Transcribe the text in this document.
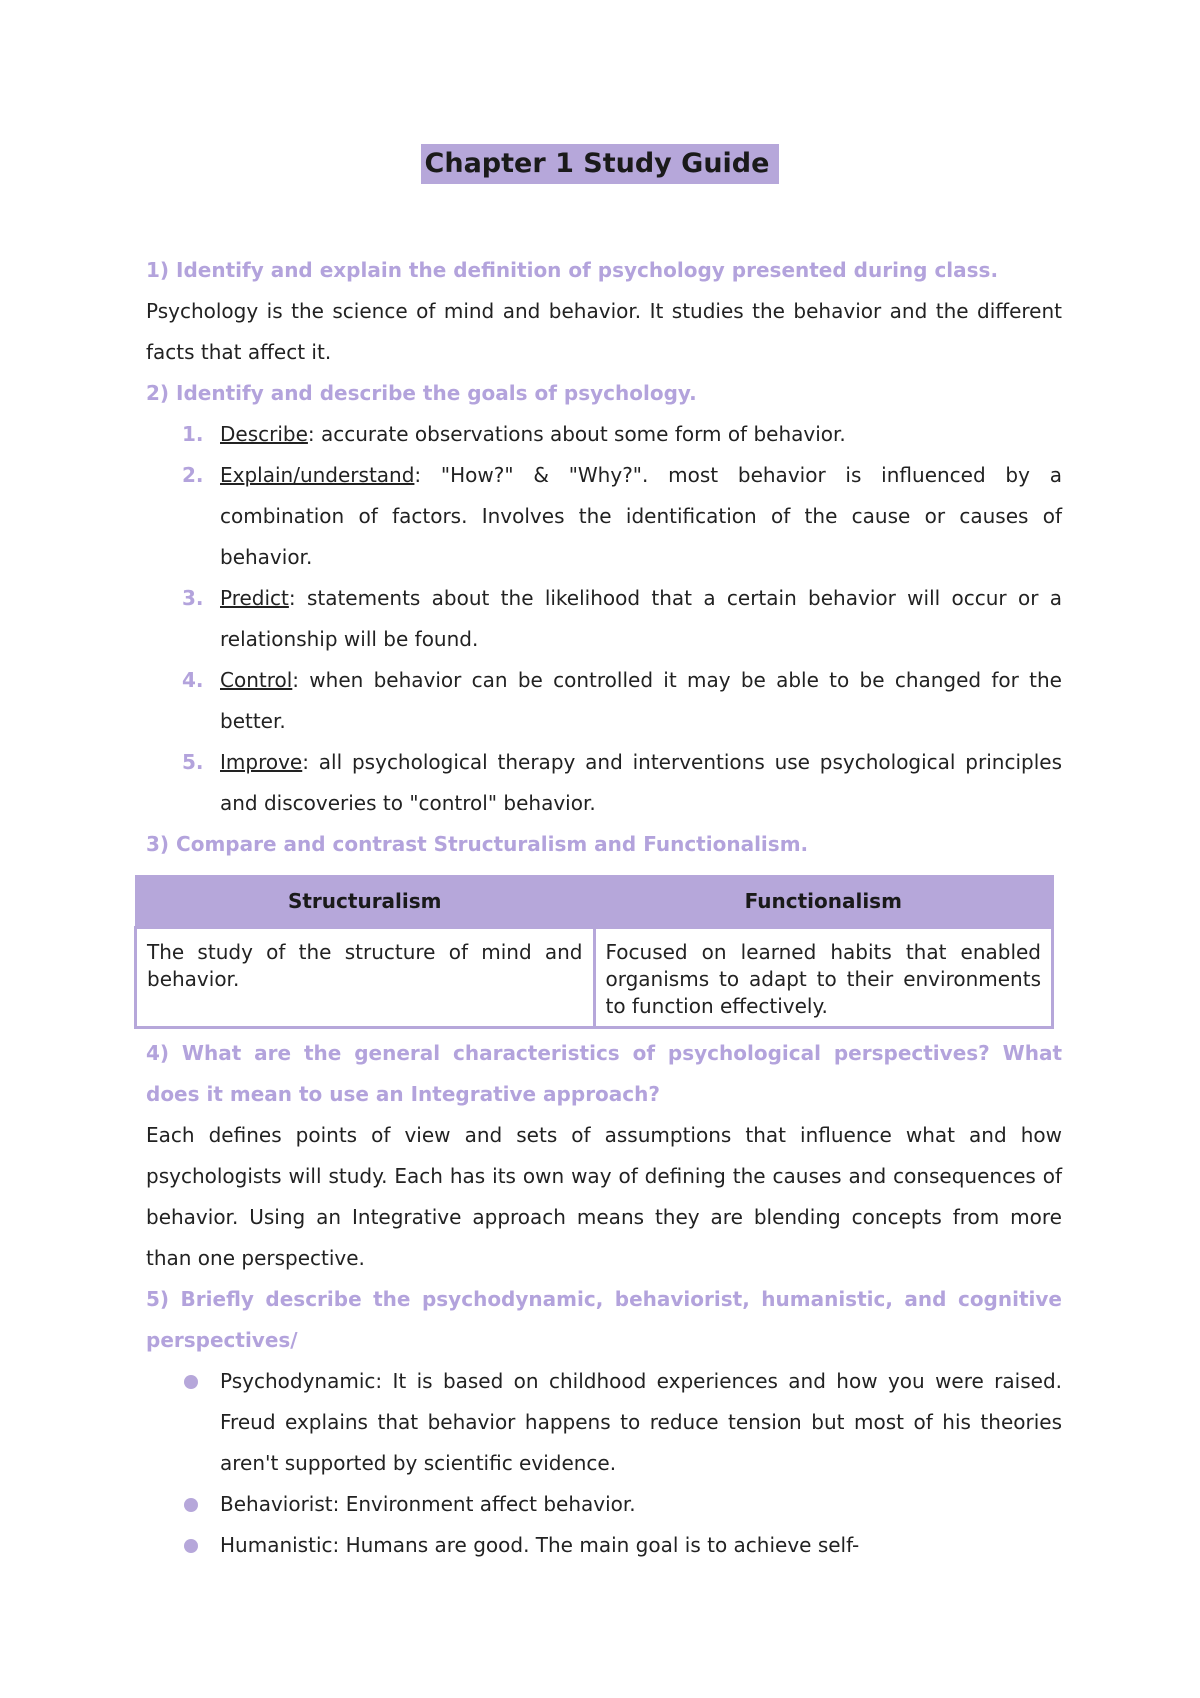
Chapter 1 Study Guide

1) Identify and explain the definition of psychology presented during class.

Psychology is the science of mind and behavior. It studies the behavior and the different facts that affect it.

2) Identify and describe the goals of psychology.

1. Describe: accurate observations about some form of behavior.
2. Explain/understand: "How?" & "Why?". most behavior is influenced by a combination of factors. Involves the identification of the cause or causes of behavior.
3. Predict: statements about the likelihood that a certain behavior will occur or a relationship will be found.
4. Control: when behavior can be controlled it may be able to be changed for the better.
5. Improve: all psychological therapy and interventions use psychological principles and discoveries to "control" behavior.

3) Compare and contrast Structuralism and Functionalism.

Structuralism	Functionalism
The study of the structure of mind and behavior.	Focused on learned habits that enabled organisms to adapt to their environments to function effectively.

4) What are the general characteristics of psychological perspectives? What does it mean to use an Integrative approach?

Each defines points of view and sets of assumptions that influence what and how psychologists will study. Each has its own way of defining the causes and consequences of behavior. Using an Integrative approach means they are blending concepts from more than one perspective.

5) Briefly describe the psychodynamic, behaviorist, humanistic, and cognitive perspectives/

Psychodynamic: It is based on childhood experiences and how you were raised. Freud explains that behavior happens to reduce tension but most of his theories aren't supported by scientific evidence.
Behaviorist: Environment affect behavior.
Humanistic: Humans are good. The main goal is to achieve self-
